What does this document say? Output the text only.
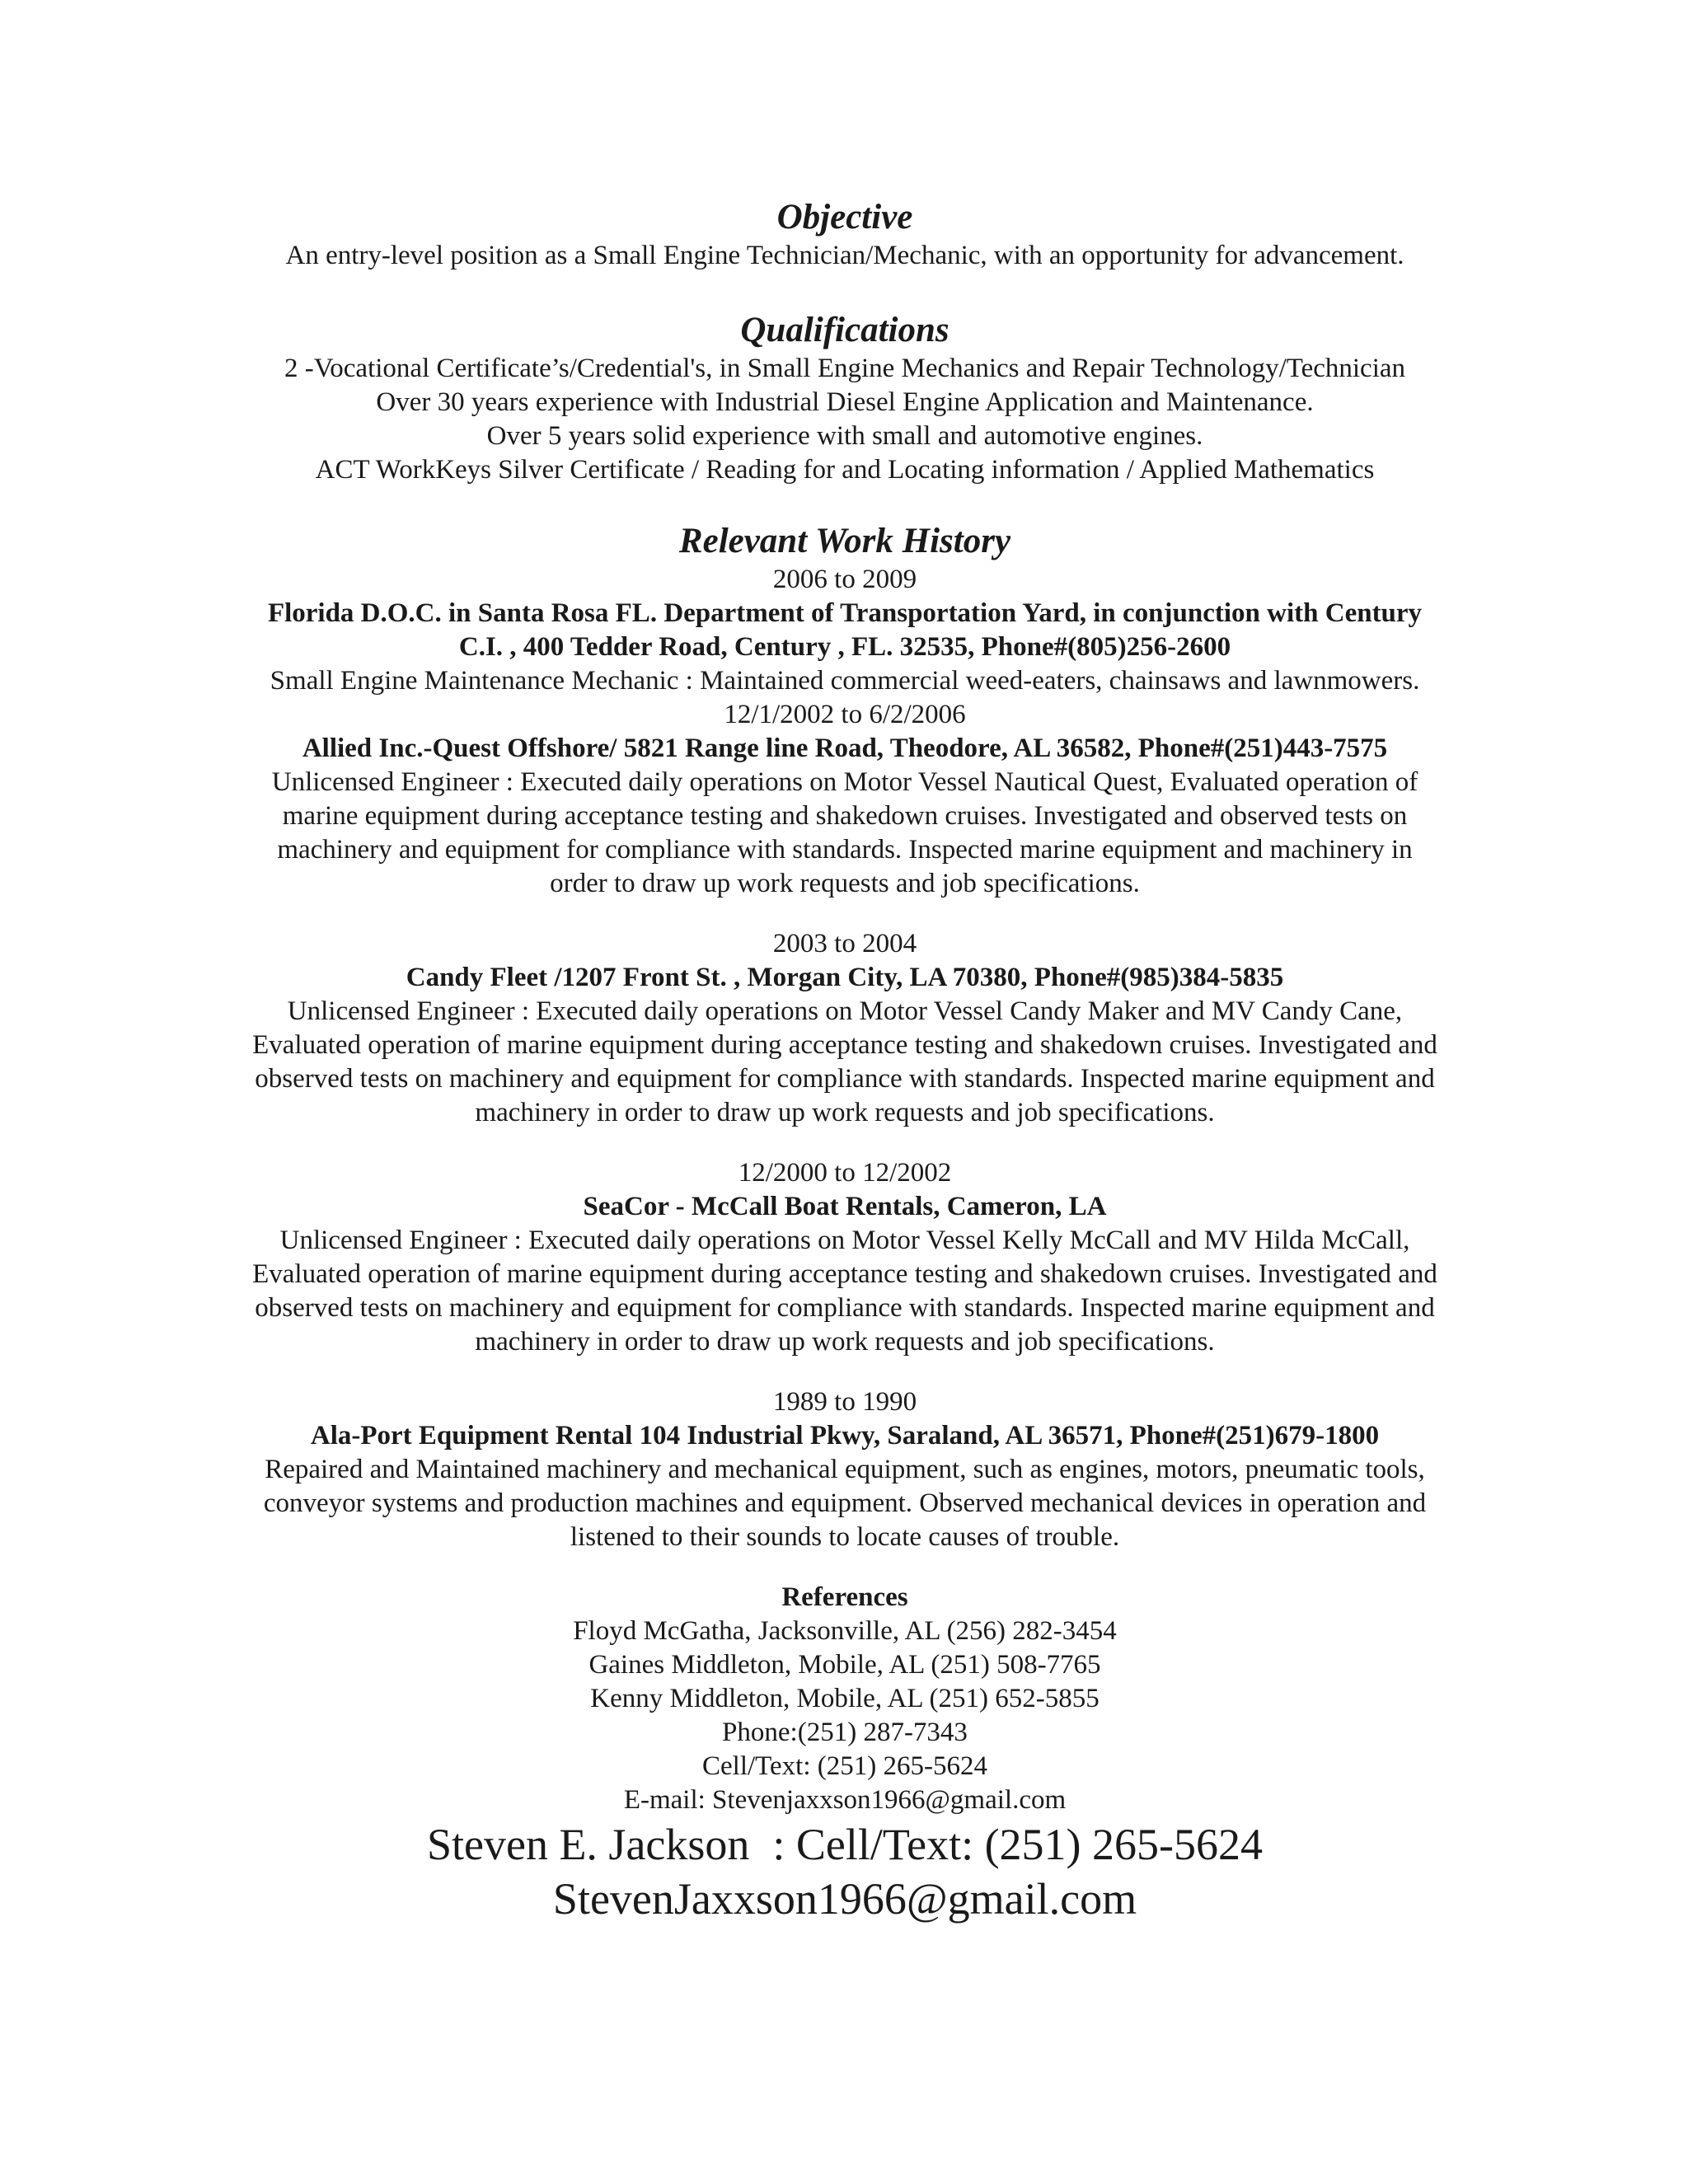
Objective

An entry-level position as a Small Engine Technician/Mechanic, with an opportunity for advancement.

Qualifications

2 -Vocational Certificate’s/Credential's, in Small Engine Mechanics and Repair Technology/Technician

Over 30 years experience with Industrial Diesel Engine Application and Maintenance.

Over 5 years solid experience with small and automotive engines.

ACT WorkKeys Silver Certificate / Reading for and Locating information / Applied Mathematics

Relevant Work History

2006 to 2009

Florida D.O.C. in Santa Rosa FL. Department of Transportation Yard, in conjunction with Century

C.I. , 400 Tedder Road, Century , FL. 32535, Phone#(805)256-2600

Small Engine Maintenance Mechanic : Maintained commercial weed-eaters, chainsaws and lawnmowers.

12/1/2002 to 6/2/2006

Allied Inc.-Quest Offshore/ 5821 Range line Road, Theodore, AL 36582, Phone#(251)443-7575

Unlicensed Engineer : Executed daily operations on Motor Vessel Nautical Quest, Evaluated operation of

marine equipment during acceptance testing and shakedown cruises. Investigated and observed tests on

machinery and equipment for compliance with standards. Inspected marine equipment and machinery in

order to draw up work requests and job specifications.

2003 to 2004

Candy Fleet /1207 Front St. , Morgan City, LA 70380, Phone#(985)384-5835

Unlicensed Engineer : Executed daily operations on Motor Vessel Candy Maker and MV Candy Cane,

Evaluated operation of marine equipment during acceptance testing and shakedown cruises. Investigated and

observed tests on machinery and equipment for compliance with standards. Inspected marine equipment and

machinery in order to draw up work requests and job specifications.

12/2000 to 12/2002

SeaCor - McCall Boat Rentals, Cameron, LA

Unlicensed Engineer : Executed daily operations on Motor Vessel Kelly McCall and MV Hilda McCall,

Evaluated operation of marine equipment during acceptance testing and shakedown cruises. Investigated and

observed tests on machinery and equipment for compliance with standards. Inspected marine equipment and

machinery in order to draw up work requests and job specifications.

1989 to 1990

Ala-Port Equipment Rental 104 Industrial Pkwy, Saraland, AL 36571, Phone#(251)679-1800

Repaired and Maintained machinery and mechanical equipment, such as engines, motors, pneumatic tools,

conveyor systems and production machines and equipment. Observed mechanical devices in operation and

listened to their sounds to locate causes of trouble.

References

Floyd McGatha, Jacksonville, AL (256) 282-3454

Gaines Middleton, Mobile, AL (251) 508-7765

Kenny Middleton, Mobile, AL (251) 652-5855

Phone:(251) 287-7343

Cell/Text: (251) 265-5624

E-mail: Stevenjaxxson1966@gmail.com

Steven E. Jackson : Cell/Text: (251) 265-5624

StevenJaxxson1966@gmail.com
